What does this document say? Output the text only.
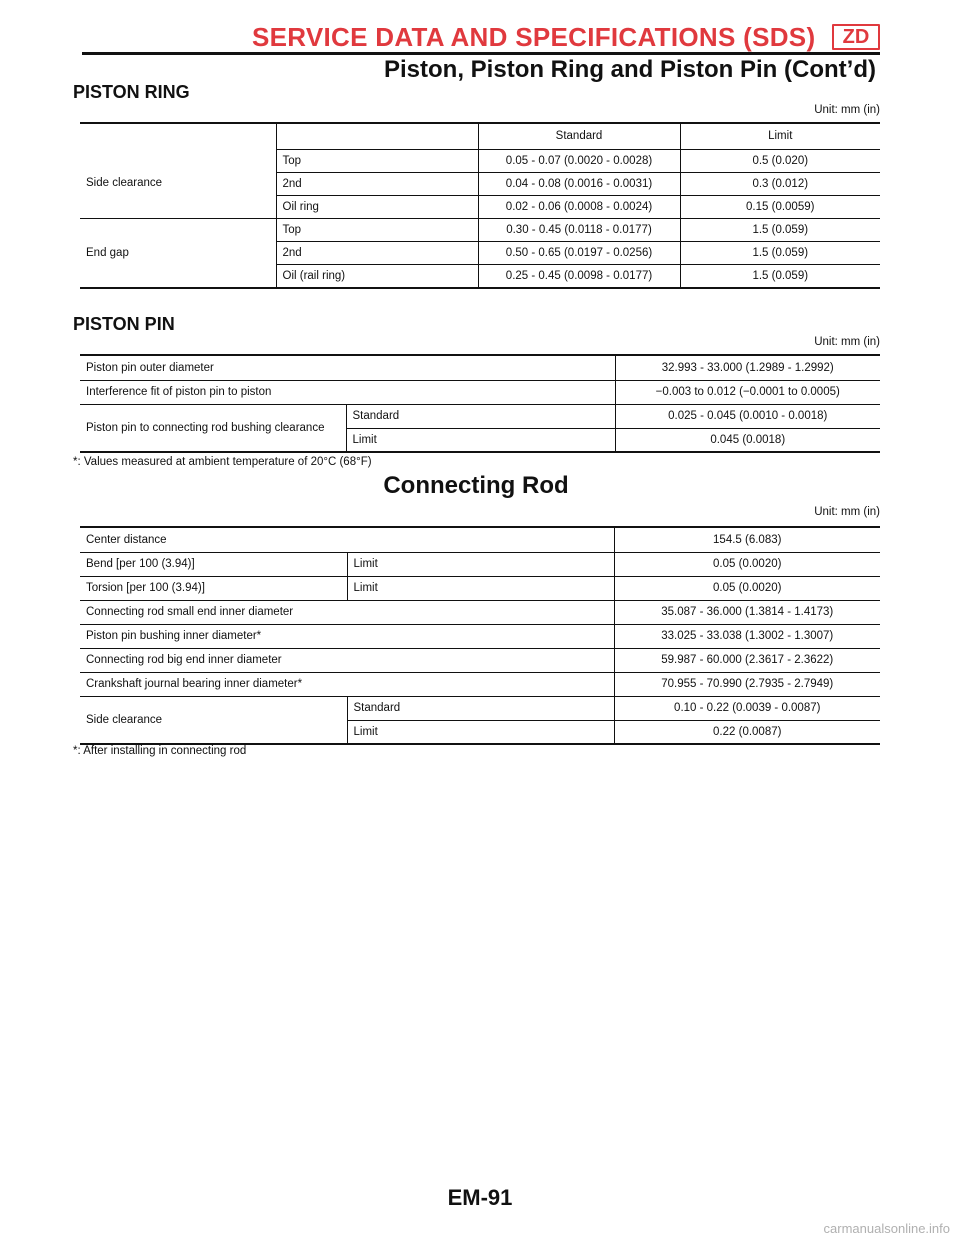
SERVICE DATA AND SPECIFICATIONS (SDS)	ZD
Piston, Piston Ring and Piston Pin (Cont’d)
PISTON RING
Unit: mm (in)
		Standard	Limit
Side clearance	Top	0.05 - 0.07 (0.0020 - 0.0028)	0.5 (0.020)
	2nd	0.04 - 0.08 (0.0016 - 0.0031)	0.3 (0.012)
	Oil ring	0.02 - 0.06 (0.0008 - 0.0024)	0.15 (0.0059)
End gap	Top	0.30 - 0.45 (0.0118 - 0.0177)	1.5 (0.059)
	2nd	0.50 - 0.65 (0.0197 - 0.0256)	1.5 (0.059)
	Oil (rail ring)	0.25 - 0.45 (0.0098 - 0.0177)	1.5 (0.059)
PISTON PIN
Unit: mm (in)
Piston pin outer diameter		32.993 - 33.000 (1.2989 - 1.2992)
Interference fit of piston pin to piston		−0.003 to 0.012 (−0.0001 to 0.0005)
Piston pin to connecting rod bushing clearance	Standard	0.025 - 0.045 (0.0010 - 0.0018)
	Limit	0.045 (0.0018)
*: Values measured at ambient temperature of 20°C (68°F)
Connecting Rod
Unit: mm (in)
Center distance		154.5 (6.083)
Bend [per 100 (3.94)]	Limit	0.05 (0.0020)
Torsion [per 100 (3.94)]	Limit	0.05 (0.0020)
Connecting rod small end inner diameter		35.087 - 36.000 (1.3814 - 1.4173)
Piston pin bushing inner diameter*		33.025 - 33.038 (1.3002 - 1.3007)
Connecting rod big end inner diameter		59.987 - 60.000 (2.3617 - 2.3622)
Crankshaft journal bearing inner diameter*		70.955 - 70.990 (2.7935 - 2.7949)
Side clearance	Standard	0.10 - 0.22 (0.0039 - 0.0087)
	Limit	0.22 (0.0087)
*: After installing in connecting rod
EM-91
carmanualsonline.info
